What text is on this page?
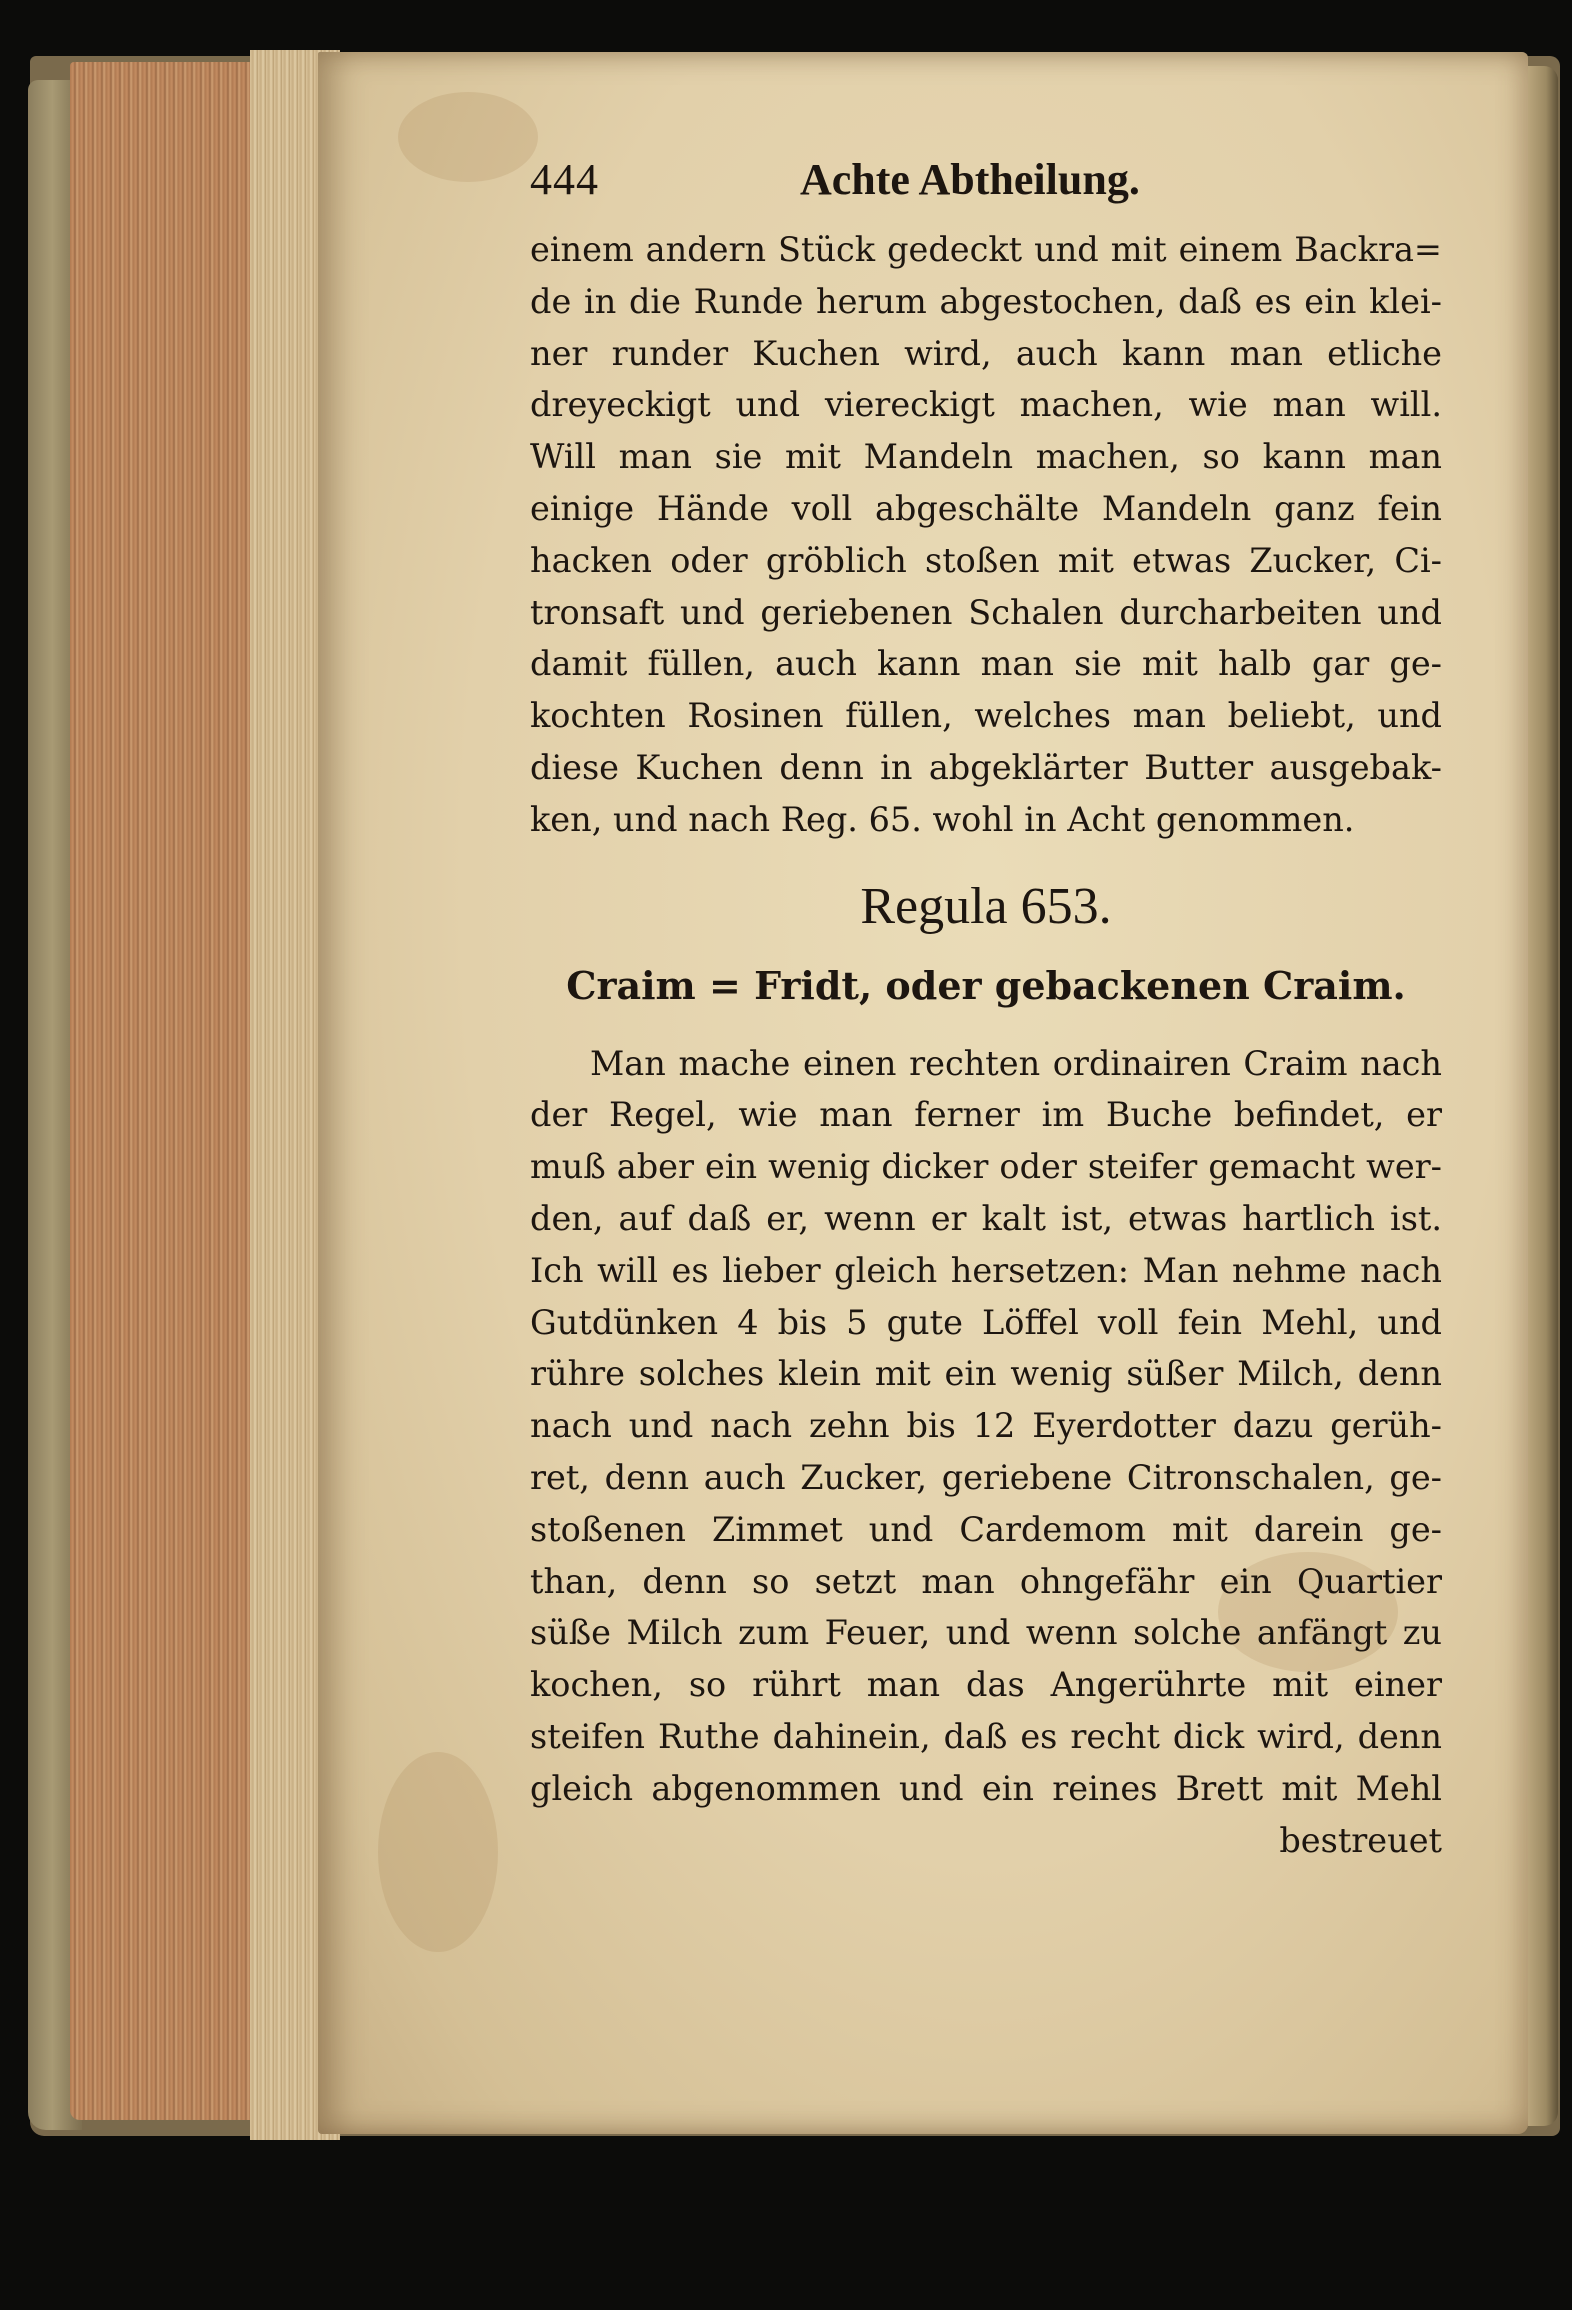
444	Achte Abtheilung.
einem andern Stück gedeckt und mit einem Backra=
de in die Runde herum abgestochen, daß es ein klei-
ner runder Kuchen wird, auch kann man etliche
dreyeckigt und viereckigt machen, wie man will.
Will man sie mit Mandeln machen, so kann man
einige Hände voll abgeschälte Mandeln ganz fein
hacken oder gröblich stoßen mit etwas Zucker, Ci-
tronsaft und geriebenen Schalen durcharbeiten und
damit füllen, auch kann man sie mit halb gar ge-
kochten Rosinen füllen, welches man beliebt, und
diese Kuchen denn in abgeklärter Butter ausgebak-
ken, und nach Reg. 65. wohl in Acht genommen.
Regula 653.
Craim = Fridt, oder gebackenen Craim.
Man mache einen rechten ordinairen Craim nach
der Regel, wie man ferner im Buche befindet, er
muß aber ein wenig dicker oder steifer gemacht wer-
den, auf daß er, wenn er kalt ist, etwas hartlich ist.
Ich will es lieber gleich hersetzen: Man nehme nach
Gutdünken 4 bis 5 gute Löffel voll fein Mehl, und
rühre solches klein mit ein wenig süßer Milch, denn
nach und nach zehn bis 12 Eyerdotter dazu gerüh-
ret, denn auch Zucker, geriebene Citronschalen, ge-
stoßenen Zimmet und Cardemom mit darein ge-
than, denn so setzt man ohngefähr ein Quartier
süße Milch zum Feuer, und wenn solche anfängt zu
kochen, so rührt man das Angerührte mit einer
steifen Ruthe dahinein, daß es recht dick wird, denn
gleich abgenommen und ein reines Brett mit Mehl
bestreuet
